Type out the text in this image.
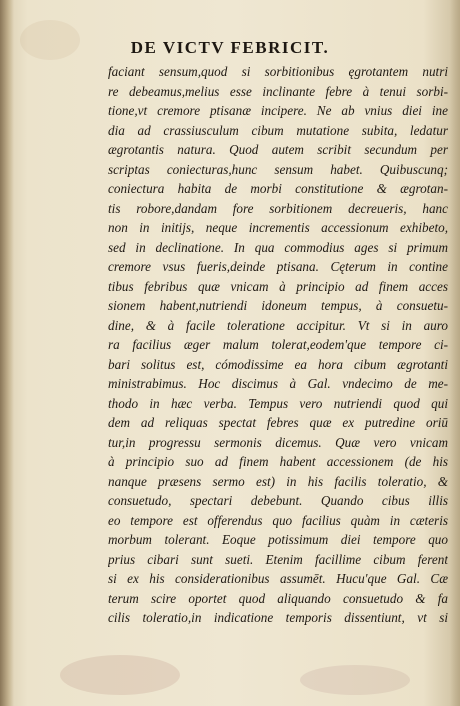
DE VICTV FEBRICIT.
faciant sensum,quod si sorbitionibus ęgrotantem nutri
re debeamus,melius esse inclinante febre à tenui sorbi-
tione,vt cremore ptisanæ incipere. Ne ab vnius diei ine
dia ad crassiusculum cibum mutatione subita, ledatur
ægrotantis natura. Quod autem scribit secundum per
scriptas coniecturas,hunc sensum habet. Quibuscunq;
coniectura habita de morbi constitutione & ægrotan-
tis robore,dandam fore sorbitionem decreueris, hanc
non in initijs, neque incrementis accessionum exhibeto,
sed in declinatione. In qua commodius ages si primum
cremore vsus fueris,deinde ptisana. Cęterum in contine
tibus febribus quæ vnicam à principio ad finem acces
sionem habent,nutriendi idoneum tempus, à consuetu-
dine, & à facile toleratione accipitur. Vt si in auro
ra facilius æger malum tolerat,eodem'que tempore ci-
bari solitus est, cómodissime ea hora cibum ægrotanti
ministrabimus. Hoc discimus à Gal. vndecimo de me-
thodo in hæc verba. Tempus vero nutriendi quod qui
dem ad reliquas spectat febres quæ ex putredine oriū
tur,in progressu sermonis dicemus. Quæ vero vnicam
à principio suo ad finem habent accessionem (de his
nanque præsens sermo est) in his facilis toleratio, &
consuetudo, spectari debebunt. Quando cibus illis
eo tempore est offerendus quo facilius quàm in cæteris
morbum tolerant. Eoque potissimum diei tempore quo
prius cibari sunt sueti. Etenim facillime cibum ferent
si ex his considerationibus assumēt. Hucu'que Gal. Cæ
terum scire oportet quod aliquando consuetudo & fa
cilis toleratio,in indicatione temporis dissentiunt, vt si
